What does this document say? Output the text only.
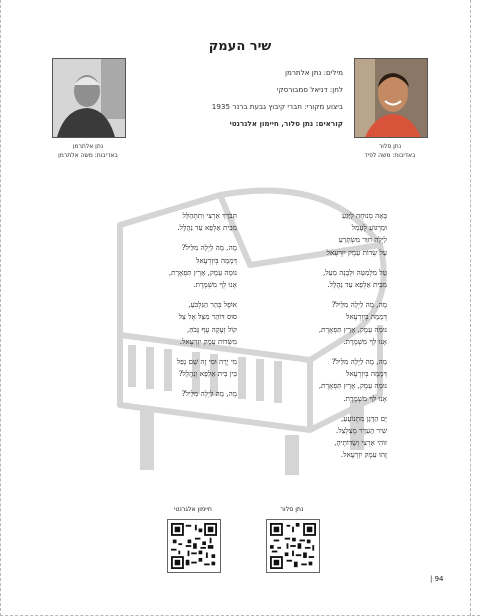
שיר העמק
מילים: נתן אלתרמן
לחן: דניאל סמבורסקי
ביצוע מקורי: חברי קיבוץ גבעת ברנר 1935
קוראים: נתן סלור, חיימון אלגרנטי
נתן סלור
באדיבות: משה לפיד
נתן אלתרמן
באדיבות: משה אלתרמן
בָּאָה מְנוּחָה לַיָּגֵעַ
וּמַרְגּוֹעַ לֶעָמֵל
לַיְלָה חִוֵּר מִשְׂתָּרֵעַ
עַל שְׂדוֹת עֵמֶק יִזְרְעֶאל
טַל מִלְּמַטָּה וּלְבָנָה מֵעַל,
מִבֵּית אַלְפָא עַד נַהֲלָל.
מָה, מָה לַיְלָה מִלֵּילֹ?
דְּמָמָה בְּיִזְרְעֶאל
נוּמָה עֵמֶק, אֶרֶץ תִּפְאֶרֶת,
אָנוּ לְךָ מִשְׁמֶרֶת.
מָה, מָה לַיְלָה מִלֵּילֹ?
דְּמָמָה בְּיִזְרְעֶאל
נוּמָה עֵמֶק, אֶרֶץ תִּפְאֶרֶת,
אָנוּ לְךָ מִשְׁמֶרֶת.
יָם הַדָּגָן מִתְנוֹעֵעַ,
שִׁיר הָעֵדֶר מְצַלְצֵל.
זוֹהִי אַרְצִי וְשָׂדוֹתֶיהָ,
זֶהוּ עֵמֶק יִזְרְעֶאל.
תְּבֹרַךְ אַרְצִי וְתִתְהַלָּל
מִבֵּית אַלְפָא עַד נַהֲלָל.
מָה, מָה לַיְלָה מִלֵּילֹ?
דְּמָמָה בְּיִזְרְעֶאל
נוּמָה עֵמֶק, אֶרֶץ תִּפְאֶרֶת,
אָנוּ לְךָ מִשְׁמֶרֶת.
אוֹפֶל בְּהַר הַגִּלְבֹּעַ,
סוּס דּוֹהֵר מִצֵּל אֶל צֵל
קוֹל זְעָקָה עָף גָּבֹהַּ,
מִשְּׂדוֹת עֵמֶק יִזְרְעֶאל.
מִי יָרָה וּמִי זֶה שָׁם נָפַל
בֵּין בֵּית אַלְפָא וְנַהֲלָל?
מָה, מָה לַיְלָה מִלֵּילֹ?
נתן סלור
חיימון אלגרנטי
| 94
